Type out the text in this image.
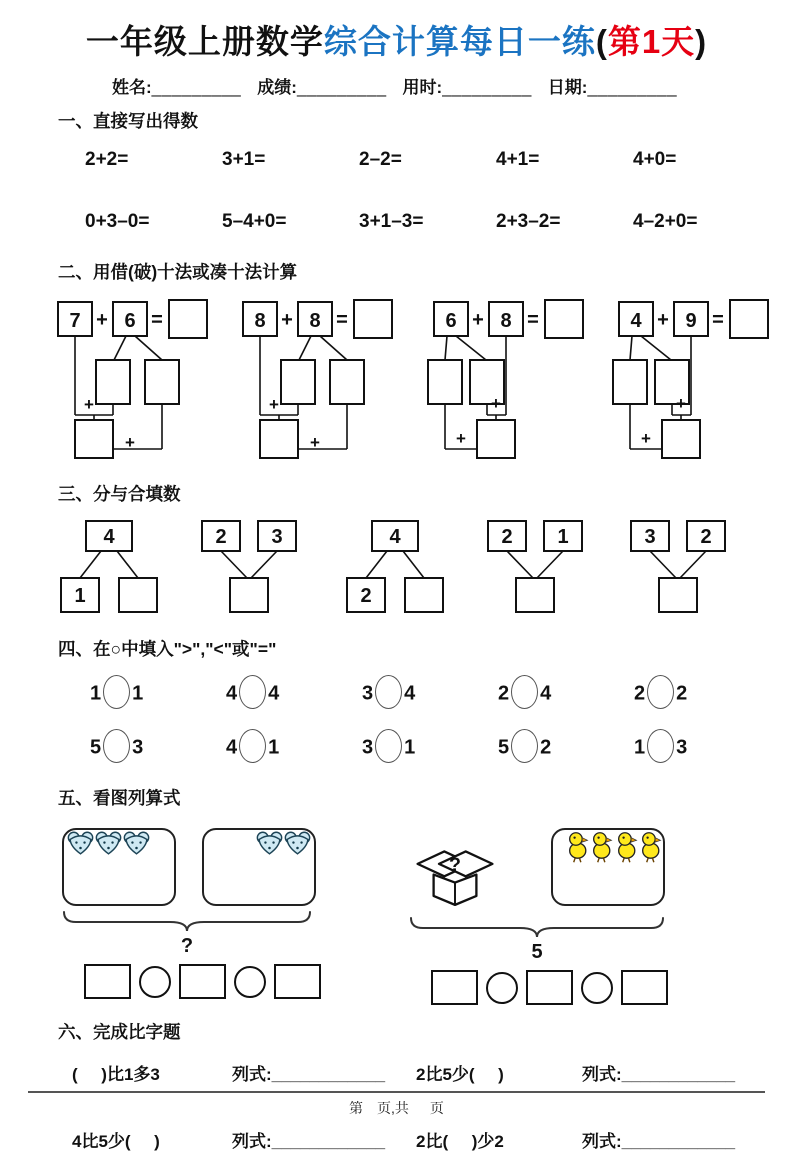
一年级上册数学综合计算每日一练(第1天)
姓名:_________ 成绩:_________ 用时:_________ 日期:_________
一、直接写出得数
2+2=	3+1=	2–2=	4+1=	4+0=
0+3–0=	5–4+0=	3+1–3=	2+3–2=	4–2+0=
二、用借(破)十法或凑十法计算
7 + 6 =
+
+
8 + 8 =
+
+
6 + 8 =
+
+
4 + 9 =
+
+
三、分与合填数
4
1
2 3	4
2
2 1	3 2
四、在○中填入">","<"或"="
1 1	4 4	3 4	2 4	2 2
5 3	4 1	3 1	5 2	1 3
五、看图列算式
?
?
5
六、完成比字题
(     )比1多3	列式:____________	2比5少(     )	列式:____________
4比5少(     )	列式:____________	2比(     )少2	列式:____________
第  页,共   页
